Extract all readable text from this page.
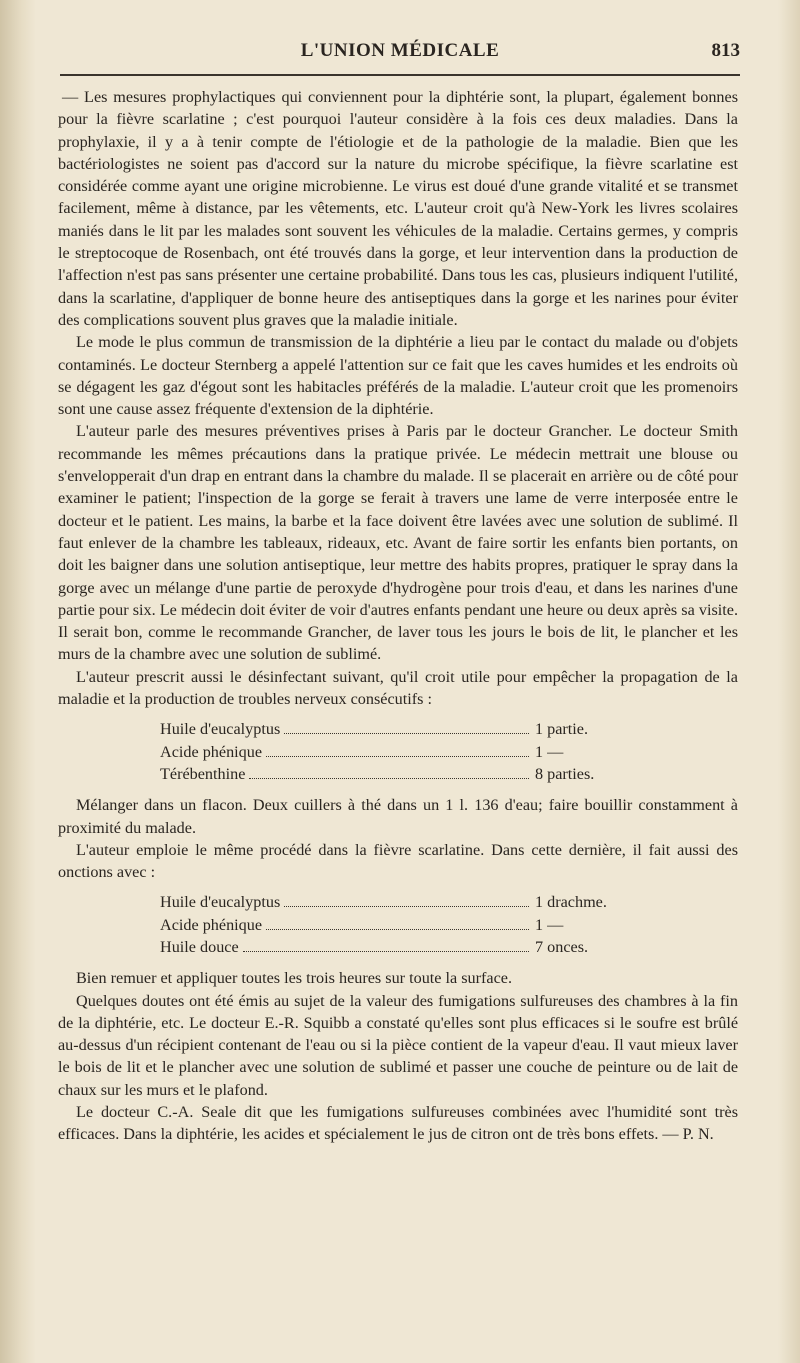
L'UNION MÉDICALE	813

— Les mesures prophylactiques qui conviennent pour la diphtérie sont, la plupart, également bonnes pour la fièvre scarlatine ; c'est pourquoi l'auteur considère à la fois ces deux maladies. Dans la prophylaxie, il y a à tenir compte de l'étiologie et de la pathologie de la maladie. Bien que les bactériologistes ne soient pas d'accord sur la nature du microbe spécifique, la fièvre scarlatine est considérée comme ayant une origine microbienne. Le virus est doué d'une grande vitalité et se transmet facilement, même à distance, par les vêtements, etc. L'auteur croit qu'à New-York les livres scolaires maniés dans le lit par les malades sont souvent les véhicules de la maladie. Certains germes, y compris le streptocoque de Rosenbach, ont été trouvés dans la gorge, et leur intervention dans la production de l'affection n'est pas sans présenter une certaine probabilité. Dans tous les cas, plusieurs indiquent l'utilité, dans la scarlatine, d'appliquer de bonne heure des antiseptiques dans la gorge et les narines pour éviter des complications souvent plus graves que la maladie initiale.

Le mode le plus commun de transmission de la diphtérie a lieu par le contact du malade ou d'objets contaminés. Le docteur Sternberg a appelé l'attention sur ce fait que les caves humides et les endroits où se dégagent les gaz d'égout sont les habitacles préférés de la maladie. L'auteur croit que les promenoirs sont une cause assez fréquente d'extension de la diphtérie.

L'auteur parle des mesures préventives prises à Paris par le docteur Grancher. Le docteur Smith recommande les mêmes précautions dans la pratique privée. Le médecin mettrait une blouse ou s'envelopperait d'un drap en entrant dans la chambre du malade. Il se placerait en arrière ou de côté pour examiner le patient; l'inspection de la gorge se ferait à travers une lame de verre interposée entre le docteur et le patient. Les mains, la barbe et la face doivent être lavées avec une solution de sublimé. Il faut enlever de la chambre les tableaux, rideaux, etc. Avant de faire sortir les enfants bien portants, on doit les baigner dans une solution antiseptique, leur mettre des habits propres, pratiquer le spray dans la gorge avec un mélange d'une partie de peroxyde d'hydrogène pour trois d'eau, et dans les narines d'une partie pour six. Le médecin doit éviter de voir d'autres enfants pendant une heure ou deux après sa visite. Il serait bon, comme le recommande Grancher, de laver tous les jours le bois de lit, le plancher et les murs de la chambre avec une solution de sublimé.

L'auteur prescrit aussi le désinfectant suivant, qu'il croit utile pour empêcher la propagation de la maladie et la production de troubles nerveux consécutifs :

Huile d'eucalyptus	1 partie.
Acide phénique	1 —
Térébenthine	8 parties.

Mélanger dans un flacon. Deux cuillers à thé dans un 1 l. 136 d'eau; faire bouillir constamment à proximité du malade.

L'auteur emploie le même procédé dans la fièvre scarlatine. Dans cette dernière, il fait aussi des onctions avec :

Huile d'eucalyptus	1 drachme.
Acide phénique	1 —
Huile douce	7 onces.

Bien remuer et appliquer toutes les trois heures sur toute la surface.

Quelques doutes ont été émis au sujet de la valeur des fumigations sulfureuses des chambres à la fin de la diphtérie, etc. Le docteur E.-R. Squibb a constaté qu'elles sont plus efficaces si le soufre est brûlé au-dessus d'un récipient contenant de l'eau ou si la pièce contient de la vapeur d'eau. Il vaut mieux laver le bois de lit et le plancher avec une solution de sublimé et passer une couche de peinture ou de lait de chaux sur les murs et le plafond.

Le docteur C.-A. Seale dit que les fumigations sulfureuses combinées avec l'humidité sont très efficaces. Dans la diphtérie, les acides et spécialement le jus de citron ont de très bons effets. — P. N.
